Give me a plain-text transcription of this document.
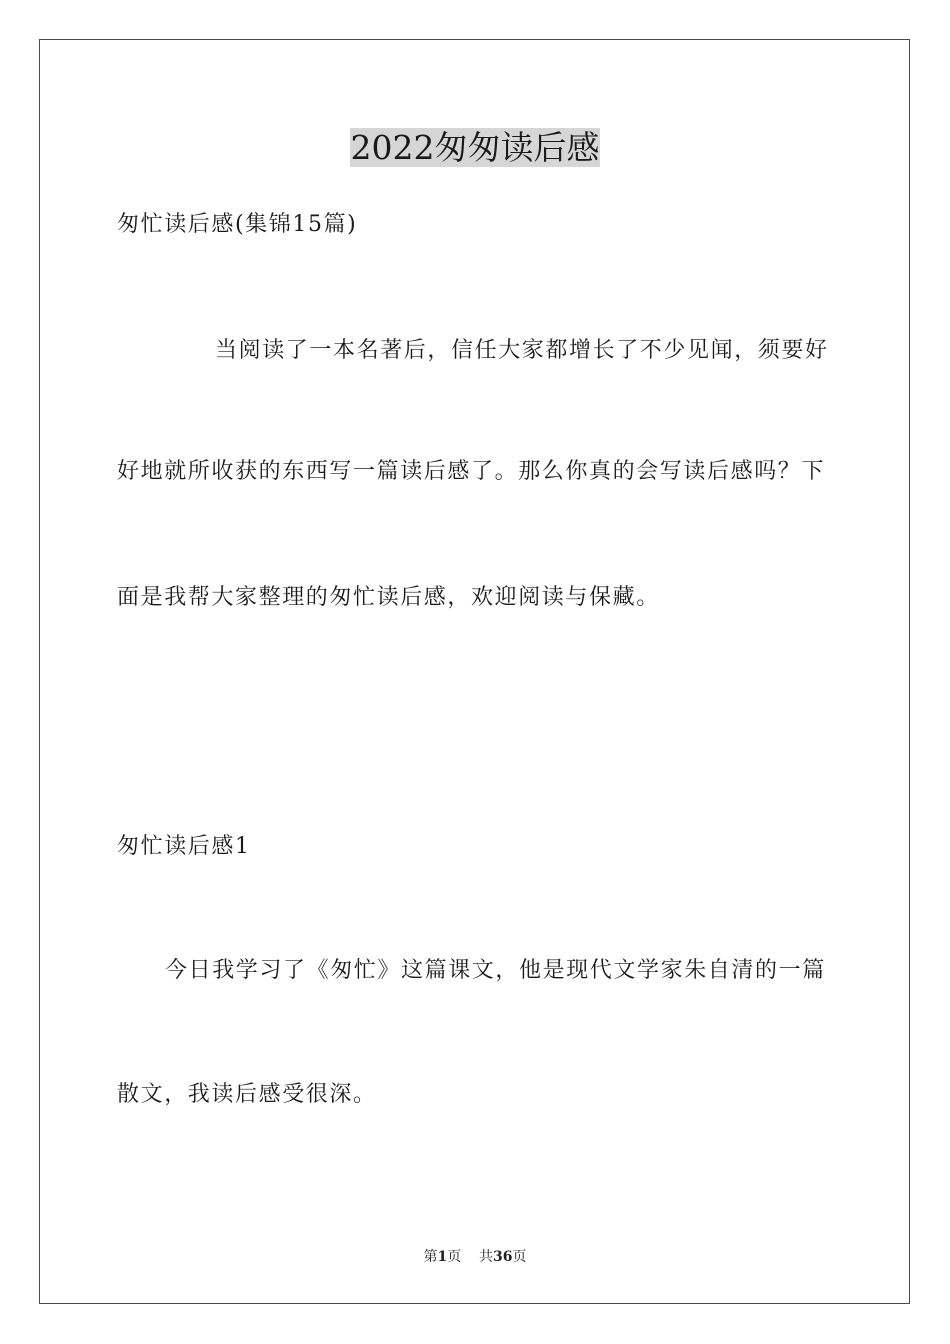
2022匆匆读后感
匆忙读后感(集锦15篇)
当阅读了一本名著后，信任大家都增长了不少见闻，须要好
好地就所收获的东西写一篇读后感了。那么你真的会写读后感吗？下
面是我帮大家整理的匆忙读后感，欢迎阅读与保藏。
匆忙读后感1
今日我学习了《匆忙》这篇课文，他是现代文学家朱自清的一篇
散文，我读后感受很深。
第1页 共36页
